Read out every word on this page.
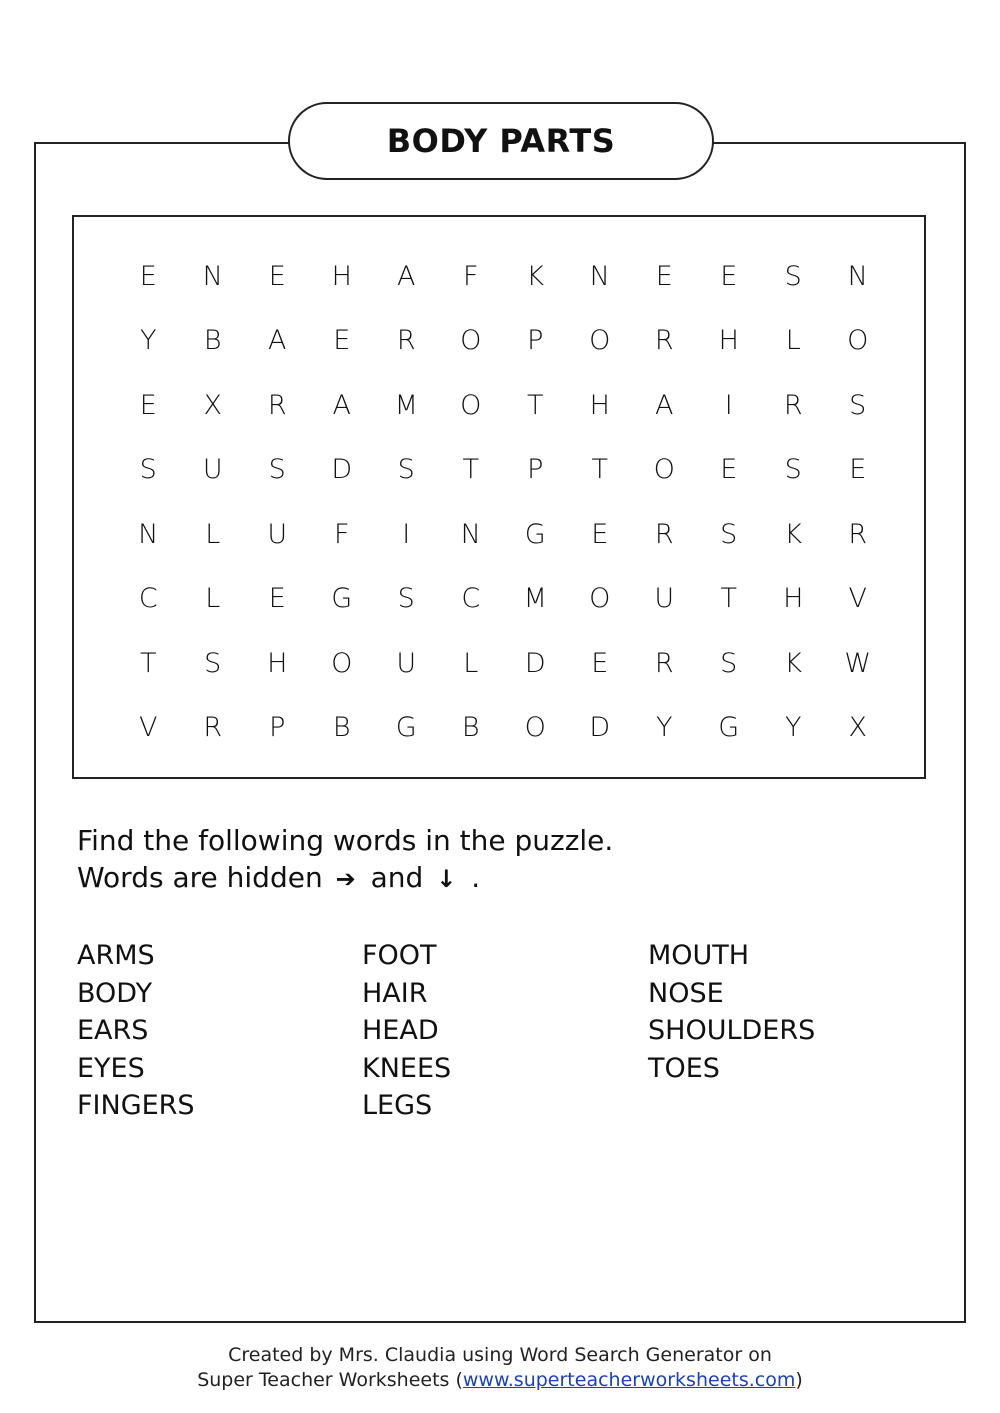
BODY PARTS
E	N	E	H	A	F	K	N	E	E	S	N
Y	B	A	E	R	O	P	O	R	H	L	O
E	X	R	A	M	O	T	H	A	I	R	S
S	U	S	D	S	T	P	T	O	E	S	E
N	L	U	F	I	N	G	E	R	S	K	R
C	L	E	G	S	C	M	O	U	T	H	V
T	S	H	O	U	L	D	E	R	S	K	W
V	R	P	B	G	B	O	D	Y	G	Y	X
Find the following words in the puzzle.
Words are hidden ➔ and ↓ .
ARMS
BODY
EARS
EYES
FINGERS
FOOT
HAIR
HEAD
KNEES
LEGS
MOUTH
NOSE
SHOULDERS
TOES
Created by Mrs. Claudia using Word Search Generator on
Super Teacher Worksheets (www.superteacherworksheets.com)
